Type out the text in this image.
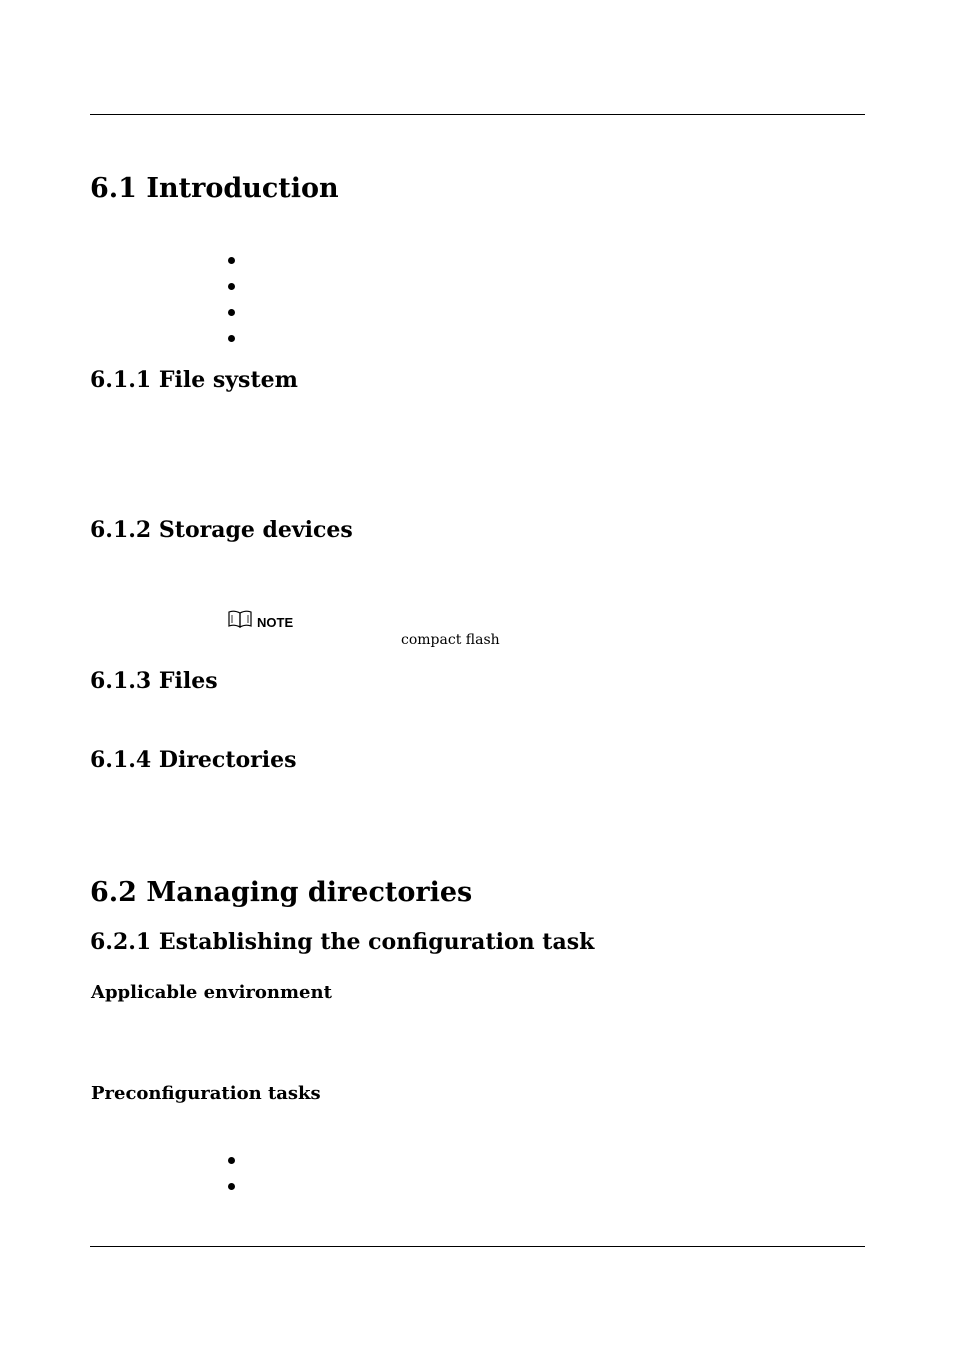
6.1 Introduction
6.1.1 File system
6.1.2 Storage devices
NOTE
compact flash
6.1.3 Files
6.1.4 Directories
6.2 Managing directories
6.2.1 Establishing the configuration task
Applicable environment
Preconfiguration tasks
